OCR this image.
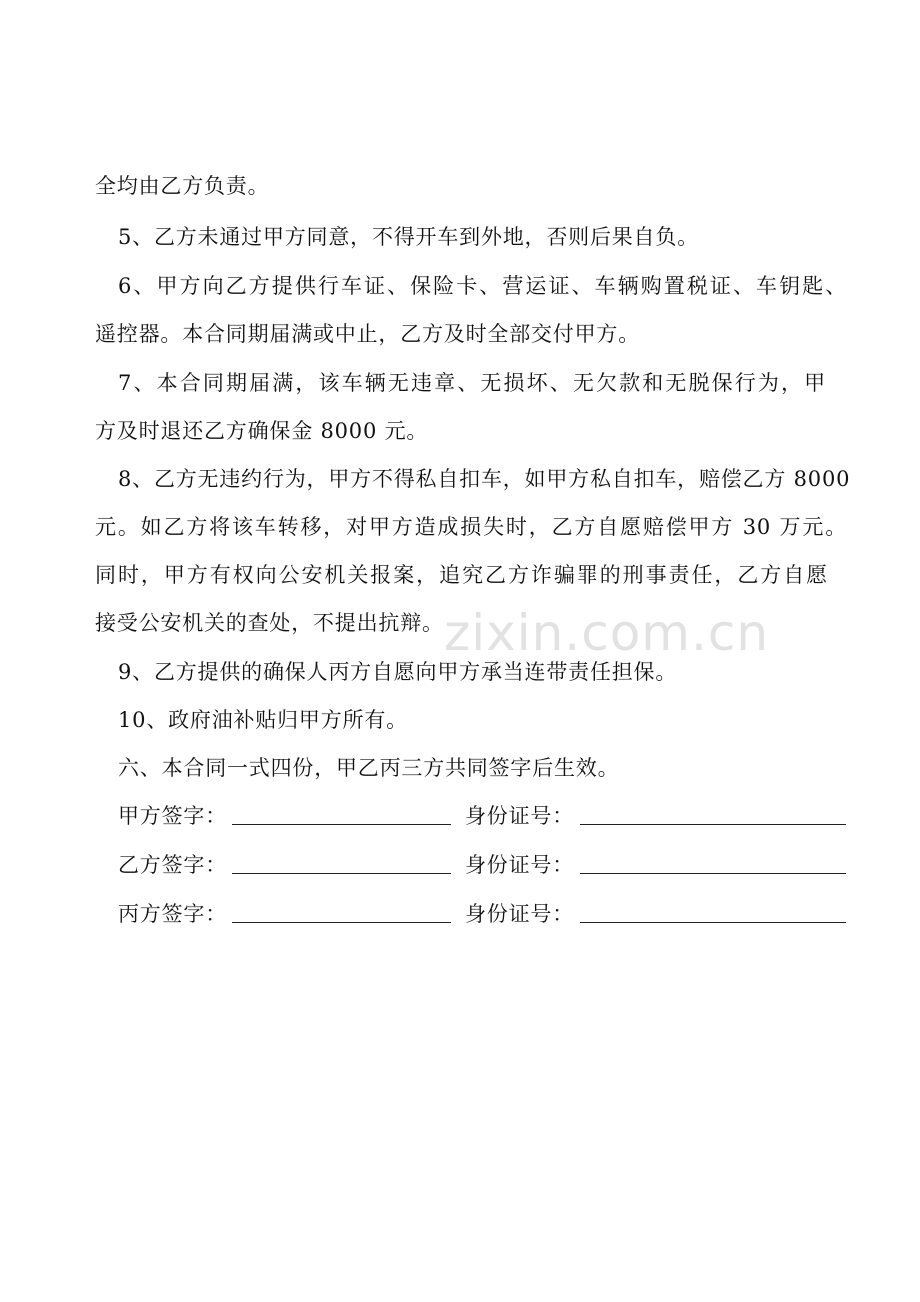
全均由乙方负责。
5、乙方未通过甲方同意，不得开车到外地，否则后果自负。
6、甲方向乙方提供行车证、保险卡、营运证、车辆购置税证、车钥匙、
遥控器。本合同期届满或中止，乙方及时全部交付甲方。
7、本合同期届满，该车辆无违章、无损坏、无欠款和无脱保行为，甲
方及时退还乙方确保金 8000 元。
8、乙方无违约行为，甲方不得私自扣车，如甲方私自扣车，赔偿乙方 8000
元。如乙方将该车转移，对甲方造成损失时，乙方自愿赔偿甲方 30 万元。
同时，甲方有权向公安机关报案，追究乙方诈骗罪的刑事责任，乙方自愿
接受公安机关的查处，不提出抗辩。
9、乙方提供的确保人丙方自愿向甲方承当连带责任担保。
10、政府油补贴归甲方所有。
六、本合同一式四份，甲乙丙三方共同签字后生效。
甲方签字：	身份证号：
乙方签字：	身份证号：
丙方签字：	身份证号：
zixin.com.cn
